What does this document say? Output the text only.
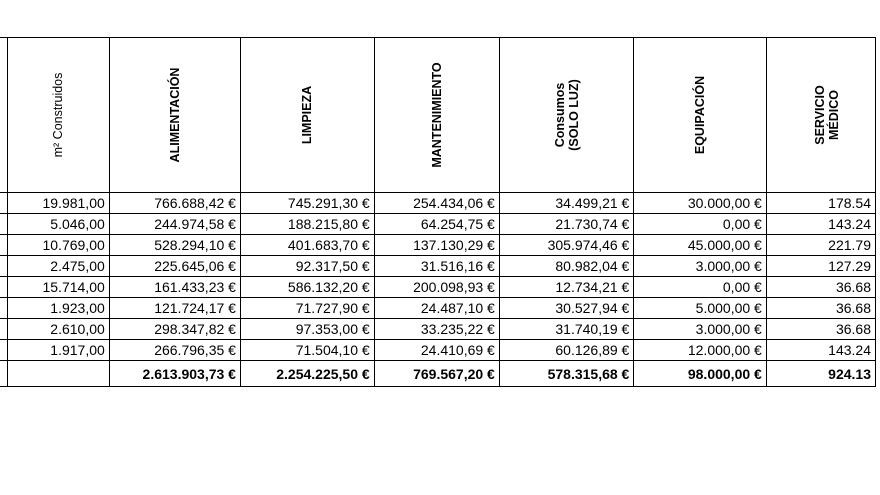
	m² Construidos	ALIMENTACIÓN	LIMPIEZA	MANTENIMIENTO	Consumos (SOLO LUZ)	EQUIPACIÓN	SERVICIO MÉDICO

	19.981,00	766.688,42 €	745.291,30 €	254.434,06 €	34.499,21 €	30.000,00 €	178.54
	5.046,00	244.974,58 €	188.215,80 €	64.254,75 €	21.730,74 €	0,00 €	143.24
	10.769,00	528.294,10 €	401.683,70 €	137.130,29 €	305.974,46 €	45.000,00 €	221.79
	2.475,00	225.645,06 €	92.317,50 €	31.516,16 €	80.982,04 €	3.000,00 €	127.29
	15.714,00	161.433,23 €	586.132,20 €	200.098,93 €	12.734,21 €	0,00 €	36.68
	1.923,00	121.724,17 €	71.727,90 €	24.487,10 €	30.527,94 €	5.000,00 €	36.68
	2.610,00	298.347,82 €	97.353,00 €	33.235,22 €	31.740,19 €	3.000,00 €	36.68
	1.917,00	266.796,35 €	71.504,10 €	24.410,69 €	60.126,89 €	12.000,00 €	143.24
		2.613.903,73 €	2.254.225,50 €	769.567,20 €	578.315,68 €	98.000,00 €	924.13
